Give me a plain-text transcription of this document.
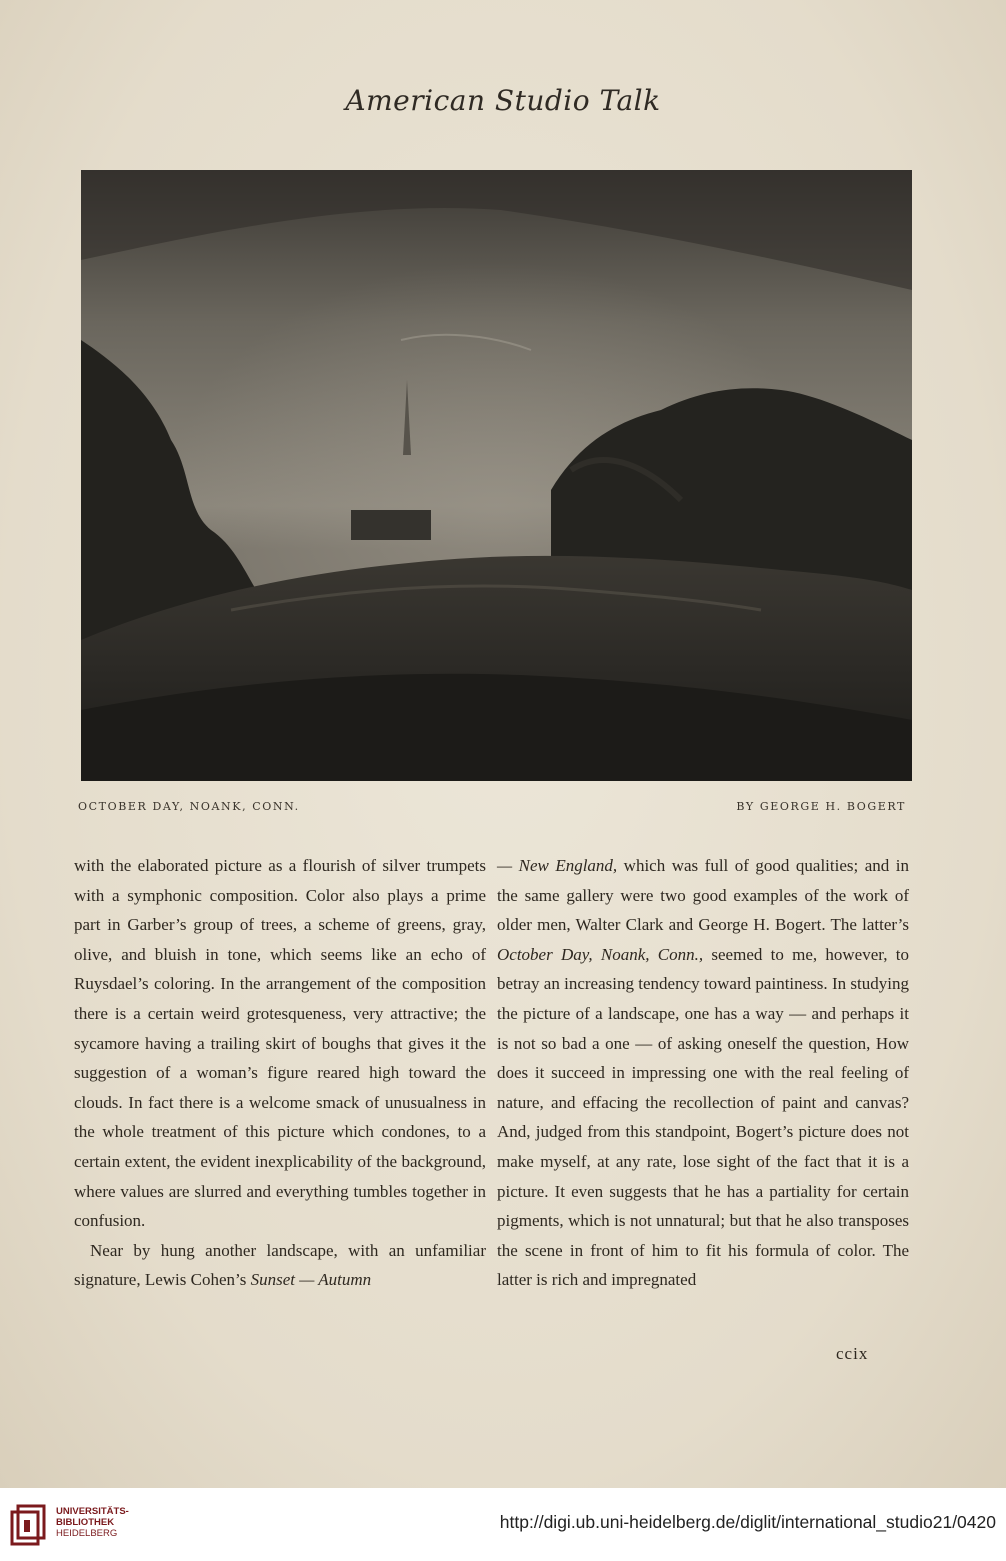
American Studio Talk
OCTOBER DAY, NOANK, CONN.	BY GEORGE H. BOGERT

with the elaborated picture as a flourish of silver trumpets with a symphonic composition. Color also plays a prime part in Garber’s group of trees, a scheme of greens, gray, olive, and bluish in tone, which seems like an echo of Ruysdael’s coloring. In the arrangement of the composition there is a certain weird grotesqueness, very attractive; the sycamore having a trailing skirt of boughs that gives it the suggestion of a woman’s figure reared high toward the clouds. In fact there is a welcome smack of unusualness in the whole treatment of this picture which condones, to a certain extent, the evident inexplicability of the background, where values are slurred and everything tumbles together in confusion.

Near by hung another landscape, with an unfamiliar signature, Lewis Cohen’s Sunset — Autumn

— New England, which was full of good qualities; and in the same gallery were two good examples of the work of older men, Walter Clark and George H. Bogert. The latter’s October Day, Noank, Conn., seemed to me, however, to betray an increasing tendency toward paintiness. In studying the picture of a landscape, one has a way — and perhaps it is not so bad a one — of asking oneself the question, How does it succeed in impressing one with the real feeling of nature, and effacing the recollection of paint and canvas? And, judged from this standpoint, Bogert’s picture does not make myself, at any rate, lose sight of the fact that it is a picture. It even suggests that he has a partiality for certain pigments, which is not unnatural; but that he also transposes the scene in front of him to fit his formula of color. The latter is rich and impregnated

ccix
UNIVERSITÄTS-
BIBLIOTHEK
HEIDELBERG
http://digi.ub.uni-heidelberg.de/diglit/international_studio21/0420
